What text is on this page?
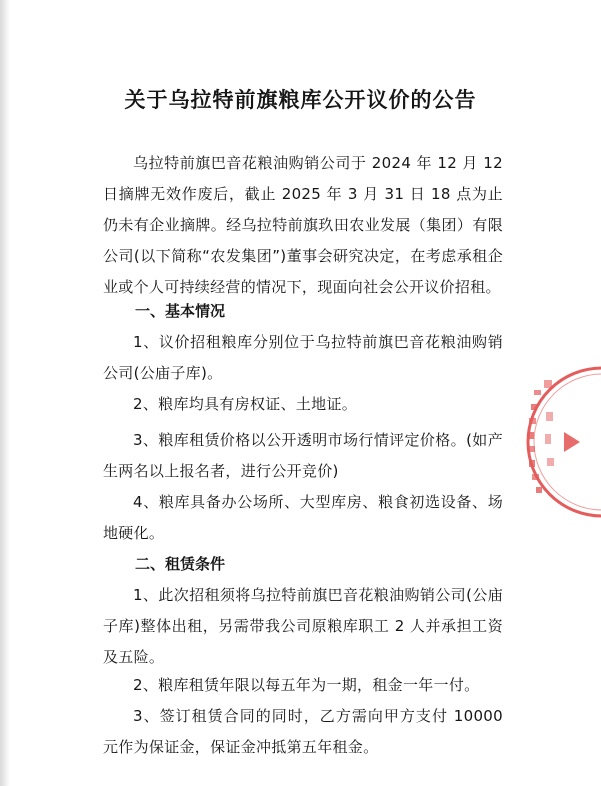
关于乌拉特前旗粮库公开议价的公告

乌拉特前旗巴音花粮油购销公司于 2024 年 12 月 12 日摘牌无效作废后，截止 2025 年 3 月 31 日 18 点为止仍未有企业摘牌。经乌拉特前旗玖田农业发展（集团）有限公司(以下简称“农发集团”)董事会研究决定，在考虑承租企业或个人可持续经营的情况下，现面向社会公开议价招租。

一、基本情况

1、议价招租粮库分别位于乌拉特前旗巴音花粮油购销公司(公庙子库)。

2、粮库均具有房权证、土地证。

3、粮库租赁价格以公开透明市场行情评定价格。(如产生两名以上报名者，进行公开竞价)

4、粮库具备办公场所、大型库房、粮食初选设备、场地硬化。

二、租赁条件

1、此次招租须将乌拉特前旗巴音花粮油购销公司(公庙子库)整体出租，另需带我公司原粮库职工 2 人并承担工资及五险。

2、粮库租赁年限以每五年为一期，租金一年一付。

3、签订租赁合同的同时，乙方需向甲方支付 10000 元作为保证金，保证金冲抵第五年租金。
